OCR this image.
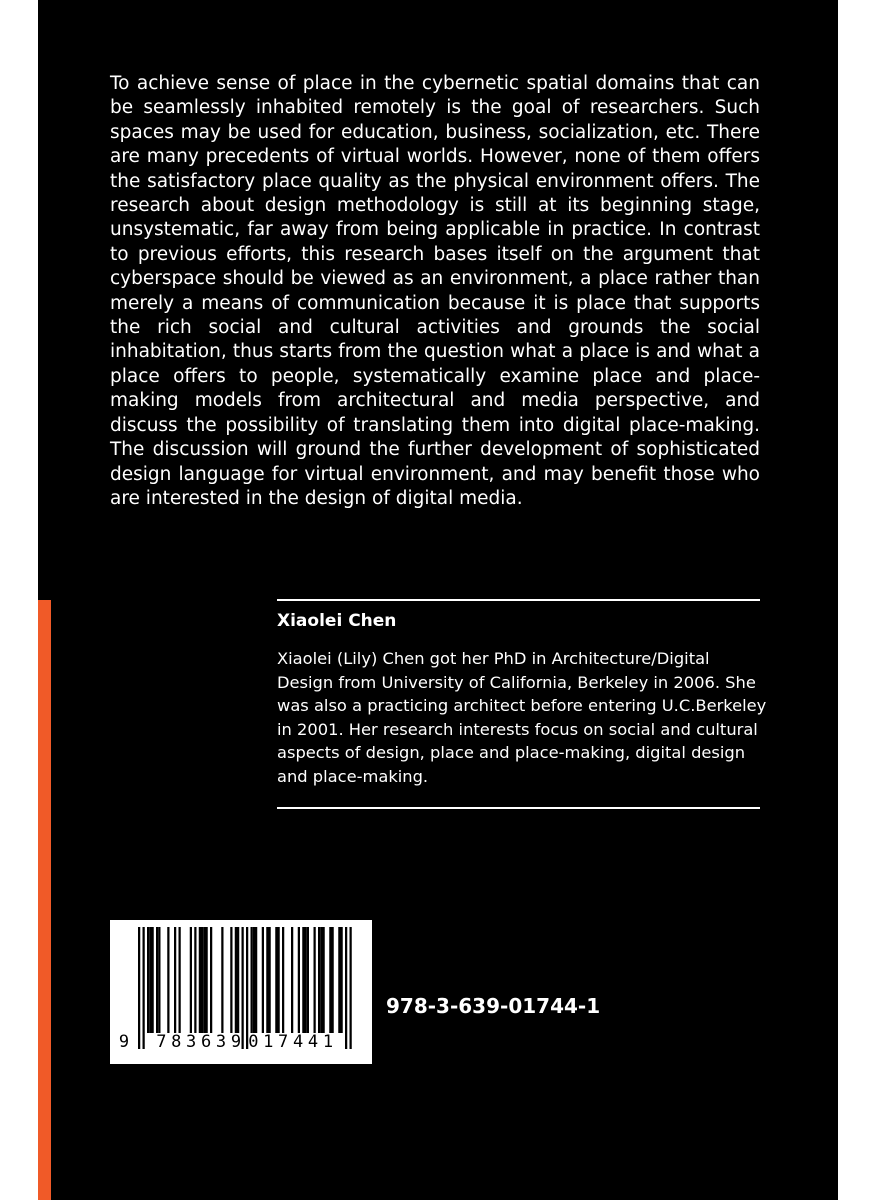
To achieve sense of place in the cybernetic spatial domains that can be seamlessly inhabited remotely is the goal of researchers. Such spaces may be used for education, business, socialization, etc. There are many precedents of virtual worlds. However, none of them offers the satisfactory place quality as the physical environment offers. The research about design methodology is still at its beginning stage, unsystematic, far away from being applicable in practice. In contrast to previous efforts, this research bases itself on the argument that cyberspace should be viewed as an environment, a place rather than merely a means of communication because it is place that supports the rich social and cultural activities and grounds the social inhabitation, thus starts from the question what a place is and what a place offers to people, systematically examine place and place-making models from architectural and media perspective, and discuss the possibility of translating them into digital place-making. The discussion will ground the further development of sophisticated design language for virtual environment, and may benefit those who are interested in the design of digital media.

Xiaolei Chen

Xiaolei (Lily) Chen got her PhD in Architecture/Digital Design from University of California, Berkeley in 2006. She was also a practicing architect before entering U.C.Berkeley in 2001. Her research interests focus on social and cultural aspects of design, place and place-making, digital design and place-making.

9 783639 017441

978-3-639-01744-1
